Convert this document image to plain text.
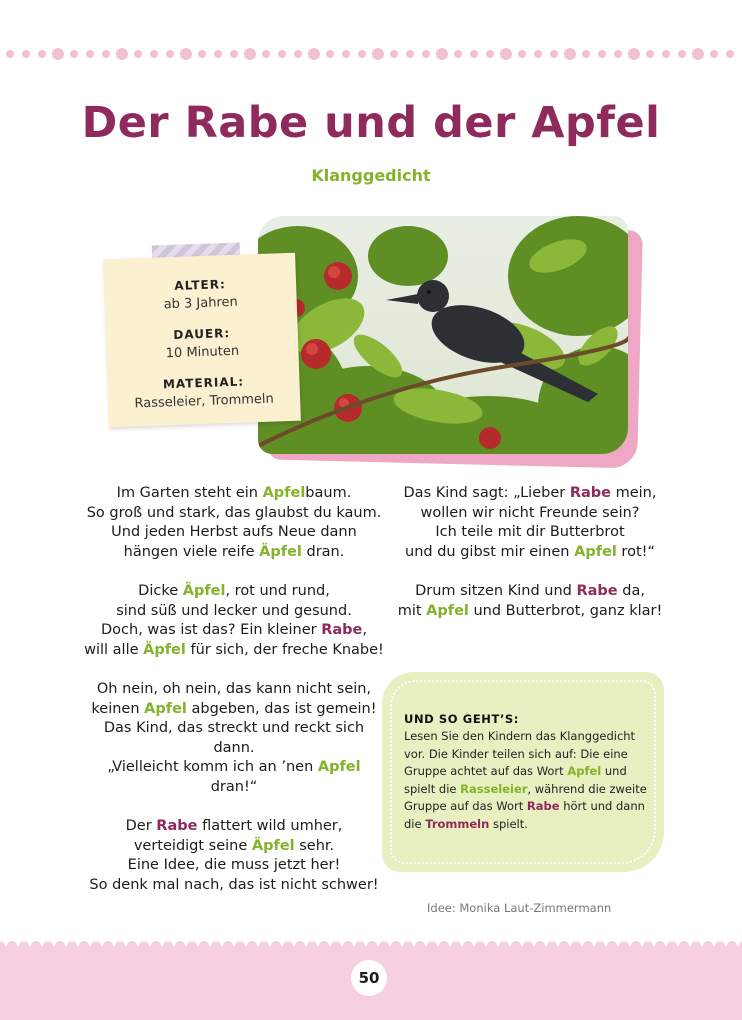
Der Rabe und der Apfel
Klanggedicht
ALTER:
ab 3 Jahren
DAUER:
10 Minuten
MATERIAL:
Rasseleier, Trommeln

Im Garten steht ein Apfelbaum.
So groß und stark, das glaubst du kaum.
Und jeden Herbst aufs Neue dann
hängen viele reife Äpfel dran.

Dicke Äpfel, rot und rund,
sind süß und lecker und gesund.
Doch, was ist das? Ein kleiner Rabe,
will alle Äpfel für sich, der freche Knabe!

Oh nein, oh nein, das kann nicht sein,
keinen Apfel abgeben, das ist gemein!
Das Kind, das streckt und reckt sich dann.
„Vielleicht komm ich an ’nen Apfel dran!“

Der Rabe flattert wild umher,
verteidigt seine Äpfel sehr.
Eine Idee, die muss jetzt her!
So denk mal nach, das ist nicht schwer!

Das Kind sagt: „Lieber Rabe mein,
wollen wir nicht Freunde sein?
Ich teile mit dir Butterbrot
und du gibst mir einen Apfel rot!“

Drum sitzen Kind und Rabe da,
mit Apfel und Butterbrot, ganz klar!

UND SO GEHT’S:
Lesen Sie den Kindern das Klanggedicht vor. Die Kinder teilen sich auf: Die eine Gruppe achtet auf das Wort Apfel und spielt die Rasseleier, während die zweite Gruppe auf das Wort Rabe hört und dann die Trommeln spielt.
Idee: Monika Laut-Zimmermann
50
